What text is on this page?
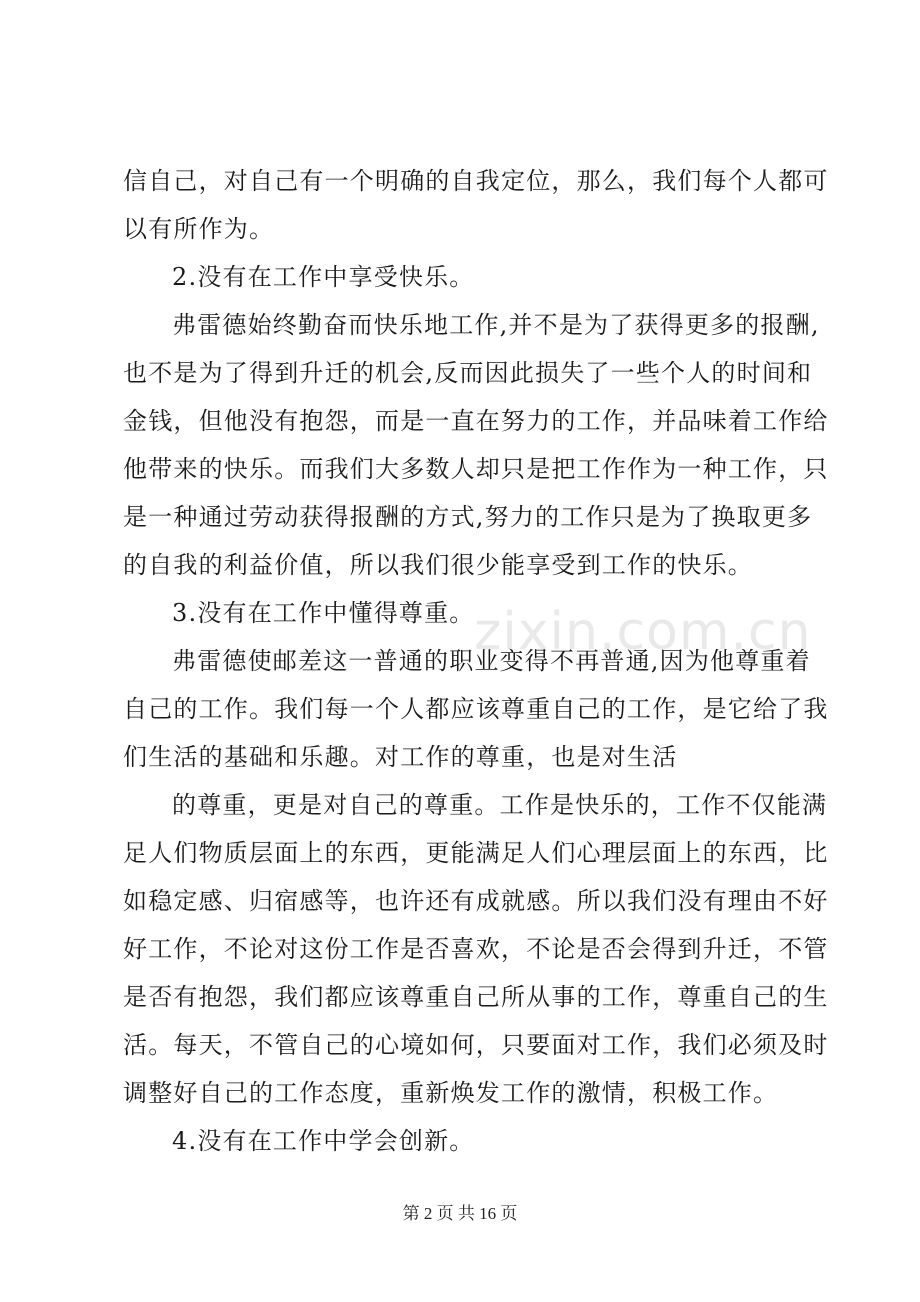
信自己，对自己有一个明确的自我定位，那么，我们每个人都可
以有所作为。
2.没有在工作中享受快乐。
弗雷德始终勤奋而快乐地工作,并不是为了获得更多的报酬,
也不是为了得到升迁的机会,反而因此损失了一些个人的时间和
金钱，但他没有抱怨，而是一直在努力的工作，并品味着工作给
他带来的快乐。而我们大多数人却只是把工作作为一种工作，只
是一种通过劳动获得报酬的方式,努力的工作只是为了换取更多
的自我的利益价值，所以我们很少能享受到工作的快乐。
3.没有在工作中懂得尊重。
弗雷德使邮差这一普通的职业变得不再普通,因为他尊重着
自己的工作。我们每一个人都应该尊重自己的工作，是它给了我
们生活的基础和乐趣。对工作的尊重，也是对生活
的尊重，更是对自己的尊重。工作是快乐的，工作不仅能满
足人们物质层面上的东西，更能满足人们心理层面上的东西，比
如稳定感、归宿感等，也许还有成就感。所以我们没有理由不好
好工作，不论对这份工作是否喜欢，不论是否会得到升迁，不管
是否有抱怨，我们都应该尊重自己所从事的工作，尊重自己的生
活。每天，不管自己的心境如何，只要面对工作，我们必须及时
调整好自己的工作态度，重新焕发工作的激情，积极工作。
4.没有在工作中学会创新。
zixin.com.cn
第 2 页 共 16 页
